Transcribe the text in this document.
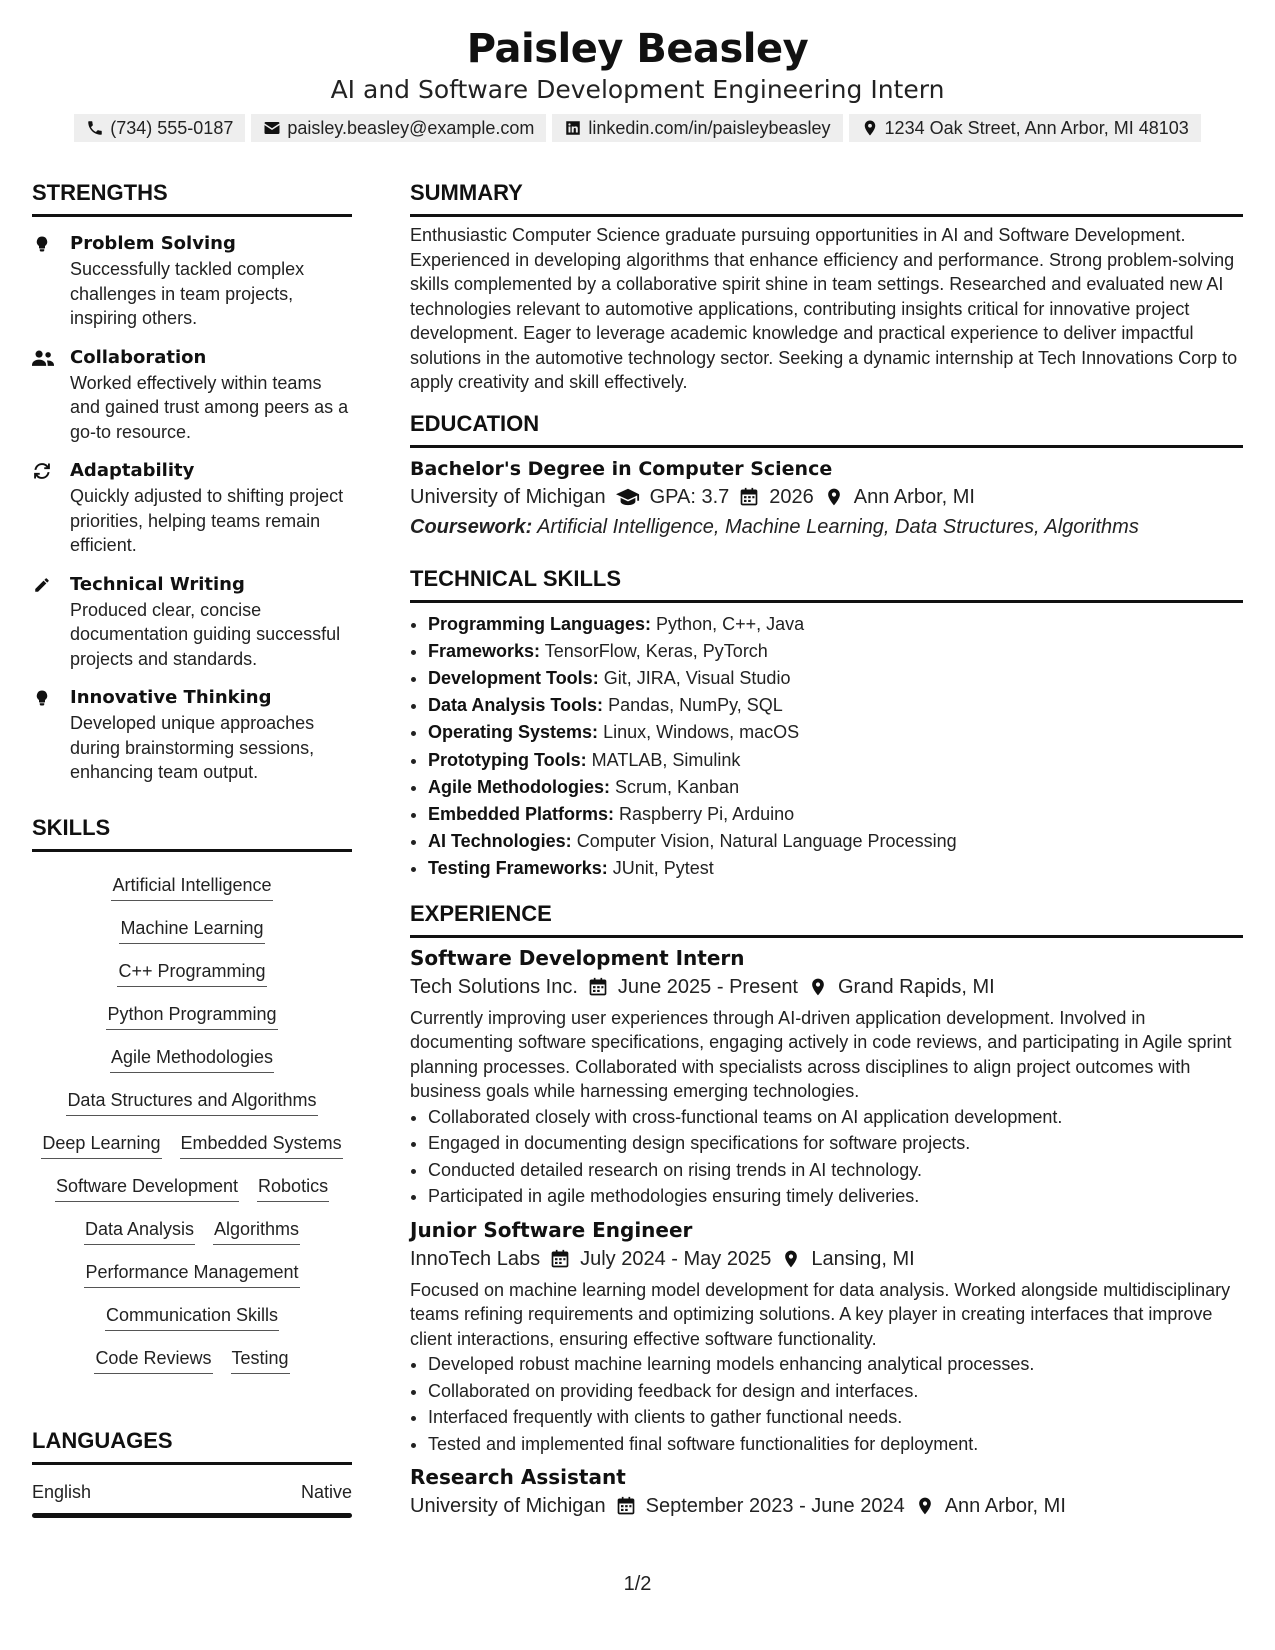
Paisley Beasley
AI and Software Development Engineering Intern
(734) 555-0187	paisley.beasley@example.com	linkedin.com/in/paisleybeasley	1234 Oak Street, Ann Arbor, MI 48103
STRENGTHS
Problem Solving
Successfully tackled complex challenges in team projects, inspiring others.
Collaboration
Worked effectively within teams and gained trust among peers as a go-to resource.
Adaptability
Quickly adjusted to shifting project priorities, helping teams remain efficient.
Technical Writing
Produced clear, concise documentation guiding successful projects and standards.
Innovative Thinking
Developed unique approaches during brainstorming sessions, enhancing team output.
SKILLS
Artificial Intelligence
Machine Learning
C++ Programming
Python Programming
Agile Methodologies
Data Structures and Algorithms
Deep Learning Embedded Systems
Software Development Robotics
Data Analysis Algorithms
Performance Management
Communication Skills
Code Reviews Testing
LANGUAGES
English	Native
SUMMARY
Enthusiastic Computer Science graduate pursuing opportunities in AI and Software Development. Experienced in developing algorithms that enhance efficiency and performance. Strong problem-solving skills complemented by a collaborative spirit shine in team settings. Researched and evaluated new AI technologies relevant to automotive applications, contributing insights critical for innovative project development. Eager to leverage academic knowledge and practical experience to deliver impactful solutions in the automotive technology sector. Seeking a dynamic internship at Tech Innovations Corp to apply creativity and skill effectively.
EDUCATION
Bachelor's Degree in Computer Science
University of Michigan GPA: 3.7 2026 Ann Arbor, MI
Coursework: Artificial Intelligence, Machine Learning, Data Structures, Algorithms
TECHNICAL SKILLS
• Programming Languages: Python, C++, Java
• Frameworks: TensorFlow, Keras, PyTorch
• Development Tools: Git, JIRA, Visual Studio
• Data Analysis Tools: Pandas, NumPy, SQL
• Operating Systems: Linux, Windows, macOS
• Prototyping Tools: MATLAB, Simulink
• Agile Methodologies: Scrum, Kanban
• Embedded Platforms: Raspberry Pi, Arduino
• AI Technologies: Computer Vision, Natural Language Processing
• Testing Frameworks: JUnit, Pytest
EXPERIENCE
Software Development Intern
Tech Solutions Inc. June 2025 - Present Grand Rapids, MI
Currently improving user experiences through AI-driven application development. Involved in documenting software specifications, engaging actively in code reviews, and participating in Agile sprint planning processes. Collaborated with specialists across disciplines to align project outcomes with business goals while harnessing emerging technologies.
• Collaborated closely with cross-functional teams on AI application development.
• Engaged in documenting design specifications for software projects.
• Conducted detailed research on rising trends in AI technology.
• Participated in agile methodologies ensuring timely deliveries.
Junior Software Engineer
InnoTech Labs July 2024 - May 2025 Lansing, MI
Focused on machine learning model development for data analysis. Worked alongside multidisciplinary teams refining requirements and optimizing solutions. A key player in creating interfaces that improve client interactions, ensuring effective software functionality.
• Developed robust machine learning models enhancing analytical processes.
• Collaborated on providing feedback for design and interfaces.
• Interfaced frequently with clients to gather functional needs.
• Tested and implemented final software functionalities for deployment.
Research Assistant
University of Michigan September 2023 - June 2024 Ann Arbor, MI
1/2
